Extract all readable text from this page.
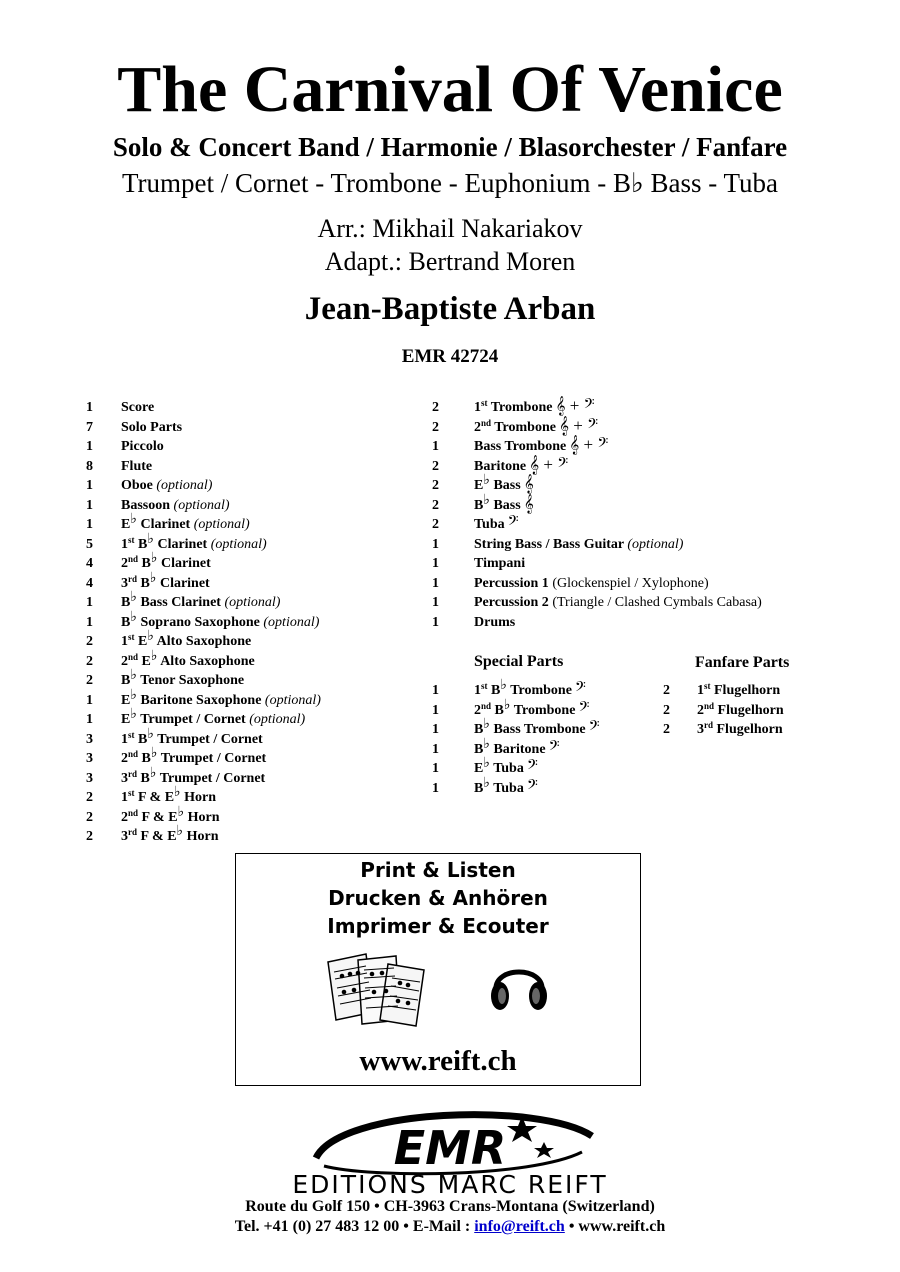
The Carnival Of Venice
Solo & Concert Band / Harmonie / Blasorchester / Fanfare
Trumpet / Cornet - Trombone - Euphonium - B♭ Bass - Tuba
Arr.: Mikhail Nakariakov
Adapt.: Bertrand Moren
Jean-Baptiste Arban
EMR 42724
1	Score
7	Solo Parts
1	Piccolo
8	Flute
1	Oboe (optional)
1	Bassoon (optional)
1	E♭ Clarinet (optional)
5	1st B♭ Clarinet (optional)
4	2nd B♭ Clarinet
4	3rd B♭ Clarinet
1	B♭ Bass Clarinet (optional)
1	B♭ Soprano Saxophone (optional)
2	1st E♭ Alto Saxophone
2	2nd E♭ Alto Saxophone
2	B♭ Tenor Saxophone
1	E♭ Baritone Saxophone (optional)
1	E♭ Trumpet / Cornet (optional)
3	1st B♭ Trumpet / Cornet
3	2nd B♭ Trumpet / Cornet
3	3rd B♭ Trumpet / Cornet
2	1st F & E♭ Horn
2	2nd F & E♭ Horn
2	3rd F & E♭ Horn
2	1st Trombone 𝄞 + 𝄢
2	2nd Trombone 𝄞 + 𝄢
1	Bass Trombone 𝄞 + 𝄢
2	Baritone 𝄞 + 𝄢
2	E♭ Bass 𝄞
2	B♭ Bass 𝄞
2	Tuba 𝄢
1	String Bass / Bass Guitar (optional)
1	Timpani
1	Percussion 1 (Glockenspiel / Xylophone)
1	Percussion 2 (Triangle / Clashed Cymbals Cabasa)
1	Drums
Special Parts
1	1st B♭ Trombone 𝄢
1	2nd B♭ Trombone 𝄢
1	B♭ Bass Trombone 𝄢
1	B♭ Baritone 𝄢
1	E♭ Tuba 𝄢
1	B♭ Tuba 𝄢
Fanfare Parts
2	1st Flugelhorn
2	2nd Flugelhorn
2	3rd Flugelhorn
Print & Listen
Drucken & Anhören
Imprimer & Ecouter
www.reift.ch
EMR
EDITIONS MARC REIFT
Route du Golf 150 • CH-3963 Crans-Montana (Switzerland)
Tel. +41 (0) 27 483 12 00 • E-Mail : info@reift.ch • www.reift.ch
